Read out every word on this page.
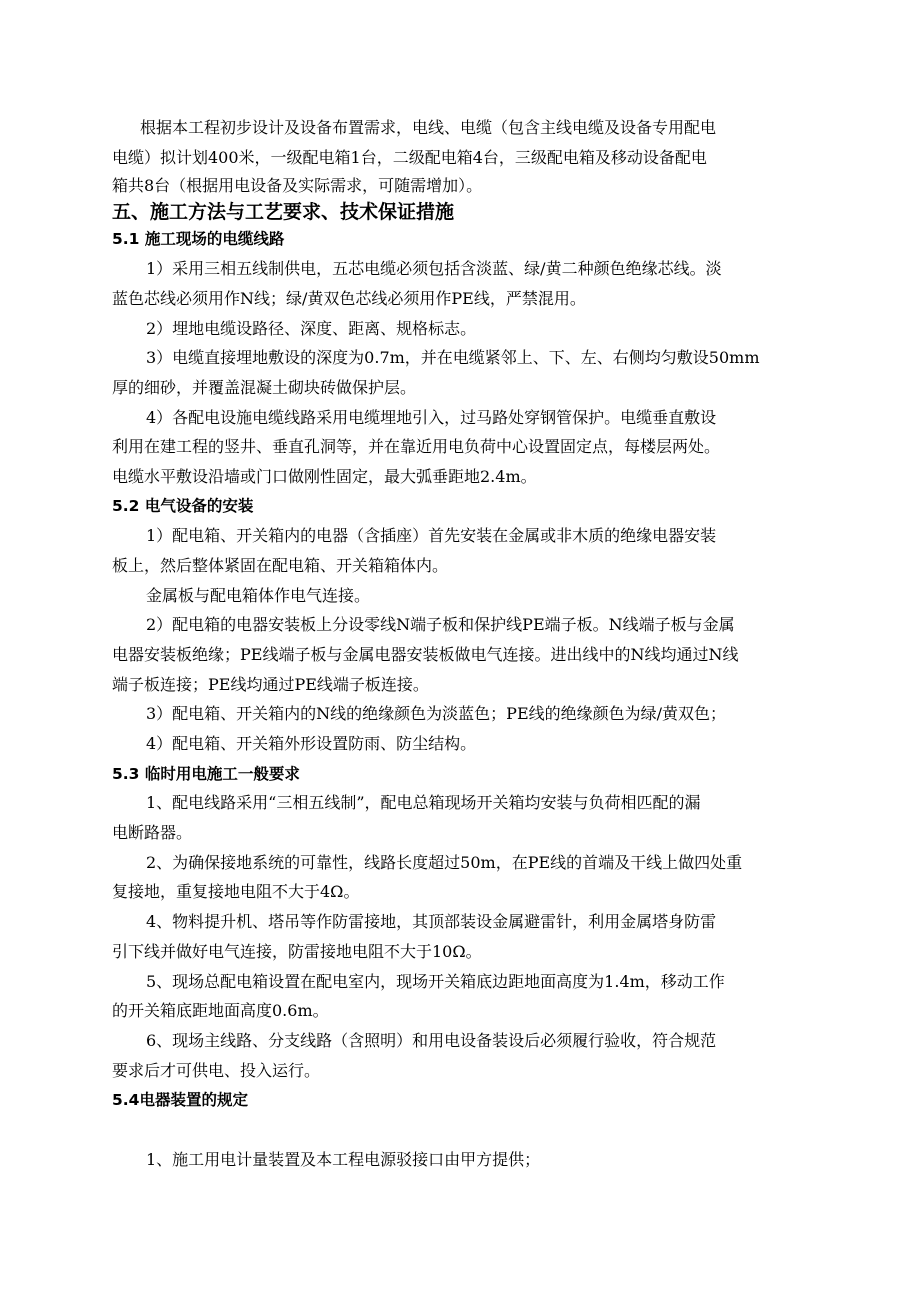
根据本工程初步设计及设备布置需求，电线、电缆（包含主线电缆及设备专用配电
电缆）拟计划400米，一级配电箱1台，二级配电箱4台，三级配电箱及移动设备配电
箱共8台（根据用电设备及实际需求，可随需增加）。
五、施工方法与工艺要求、技术保证措施
5.1 施工现场的电缆线路
1）采用三相五线制供电，五芯电缆必须包括含淡蓝、绿/黄二种颜色绝缘芯线。淡
蓝色芯线必须用作N线；绿/黄双色芯线必须用作PE线，严禁混用。
2）埋地电缆设路径、深度、距离、规格标志。
3）电缆直接埋地敷设的深度为0.7m，并在电缆紧邻上、下、左、右侧均匀敷设50mm
厚的细砂，并覆盖混凝土砌块砖做保护层。
4）各配电设施电缆线路采用电缆埋地引入，过马路处穿钢管保护。电缆垂直敷设
利用在建工程的竖井、垂直孔洞等，并在靠近用电负荷中心设置固定点，每楼层两处。
电缆水平敷设沿墙或门口做刚性固定，最大弧垂距地2.4m。
5.2 电气设备的安装
1）配电箱、开关箱内的电器（含插座）首先安装在金属或非木质的绝缘电器安装
板上，然后整体紧固在配电箱、开关箱箱体内。
金属板与配电箱体作电气连接。
2）配电箱的电器安装板上分设零线N端子板和保护线PE端子板。N线端子板与金属
电器安装板绝缘；PE线端子板与金属电器安装板做电气连接。进出线中的N线均通过N线
端子板连接；PE线均通过PE线端子板连接。
3）配电箱、开关箱内的N线的绝缘颜色为淡蓝色；PE线的绝缘颜色为绿/黄双色；
4）配电箱、开关箱外形设置防雨、防尘结构。
5.3 临时用电施工一般要求
1、配电线路采用“三相五线制”，配电总箱现场开关箱均安装与负荷相匹配的漏
电断路器。
2、为确保接地系统的可靠性，线路长度超过50m，在PE线的首端及干线上做四处重
复接地，重复接地电阻不大于4Ω。
4、物料提升机、塔吊等作防雷接地，其顶部装设金属避雷针，利用金属塔身防雷
引下线并做好电气连接，防雷接地电阻不大于10Ω。
5、现场总配电箱设置在配电室内，现场开关箱底边距地面高度为1.4m，移动工作
的开关箱底距地面高度0.6m。
6、现场主线路、分支线路（含照明）和用电设备装设后必须履行验收，符合规范
要求后才可供电、投入运行。
5.4电器装置的规定
1、施工用电计量装置及本工程电源驳接口由甲方提供；
